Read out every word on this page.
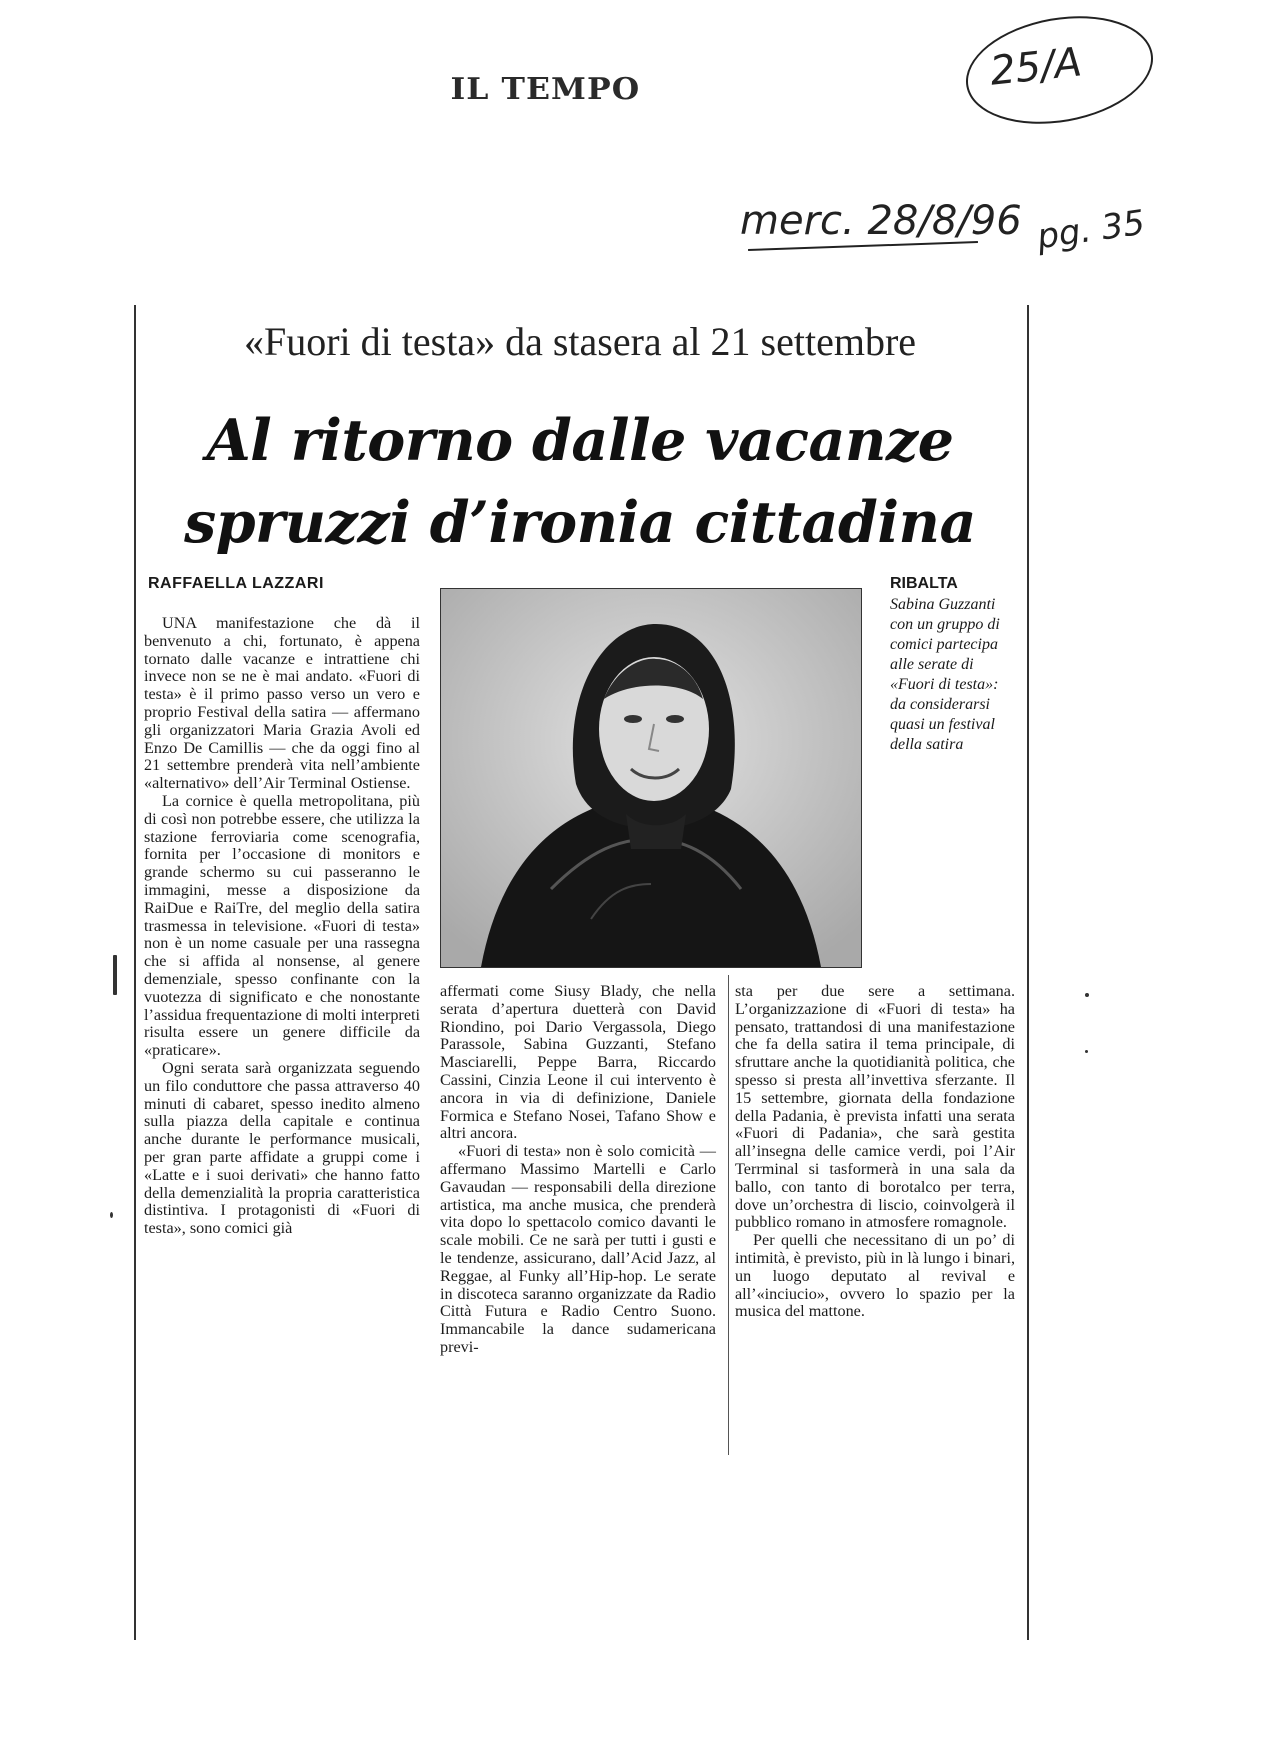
IL TEMPO	25/A
merc. 28/8/96 pg. 35
«Fuori di testa» da stasera al 21 settembre
Al ritorno dalle vacanze
spruzzi d’ironia cittadina
RAFFAELLA LAZZARI	RIBALTA
Sabina Guzzanti con un gruppo di comici partecipa alle serate di «Fuori di testa»: da considerarsi quasi un festival della satira

UNA manifestazione che dà il benvenuto a chi, fortunato, è appena tornato dalle vacanze e intrattiene chi invece non se ne è mai andato. «Fuori di testa» è il primo passo verso un vero e proprio Festival della satira — affermano gli organizzatori Maria Grazia Avoli ed Enzo De Camillis — che da oggi fino al 21 settembre prenderà vita nell’ambiente «alternativo» dell’Air Terminal Ostiense.

La cornice è quella metropolitana, più di così non potrebbe essere, che utilizza la stazione ferroviaria come scenografia, fornita per l’occasione di monitors e grande schermo su cui passeranno le immagini, messe a disposizione da RaiDue e RaiTre, del meglio della satira trasmessa in televisione. «Fuori di testa» non è un nome casuale per una rassegna che si affida al nonsense, al genere demenziale, spesso confinante con la vuotezza di significato e che nonostante l’assidua frequentazione di molti interpreti risulta essere un genere difficile da «praticare».

Ogni serata sarà organizzata seguendo un filo conduttore che passa attraverso 40 minuti di cabaret, spesso inedito almeno sulla piazza della capitale e continua anche durante le performance musicali, per gran parte affidate a gruppi come i «Latte e i suoi derivati» che hanno fatto della demenzialità la propria caratteristica distintiva. I protagonisti di «Fuori di testa», sono comici già

affermati come Siusy Blady, che nella serata d’apertura duetterà con David Riondino, poi Dario Vergassola, Diego Parassole, Sabina Guzzanti, Stefano Masciarelli, Peppe Barra, Riccardo Cassini, Cinzia Leone il cui intervento è ancora in via di definizione, Daniele Formica e Stefano Nosei, Tafano Show e altri ancora.

«Fuori di testa» non è solo comicità — affermano Massimo Martelli e Carlo Gavaudan — responsabili della direzione artistica, ma anche musica, che prenderà vita dopo lo spettacolo comico davanti le scale mobili. Ce ne sarà per tutti i gusti e le tendenze, assicurano, dall’Acid Jazz, al Reggae, al Funky all’Hip-hop. Le serate in discoteca saranno organizzate da Radio Città Futura e Radio Centro Suono. Immancabile la dance sudamericana previ-

sta per due sere a settimana. L’organizzazione di «Fuori di testa» ha pensato, trattandosi di una manifestazione che fa della satira il tema principale, di sfruttare anche la quotidianità politica, che spesso si presta all’invettiva sferzante. Il 15 settembre, giornata della fondazione della Padania, è prevista infatti una serata «Fuori di Padania», che sarà gestita all’insegna delle camice verdi, poi l’Air Terrminal si tasformerà in una sala da ballo, con tanto di borotalco per terra, dove un’orchestra di liscio, coinvolgerà il pubblico romano in atmosfere romagnole.

Per quelli che necessitano di un po’ di intimità, è previsto, più in là lungo i binari, un luogo deputato al revival e all’«inciucio», ovvero lo spazio per la musica del mattone.
